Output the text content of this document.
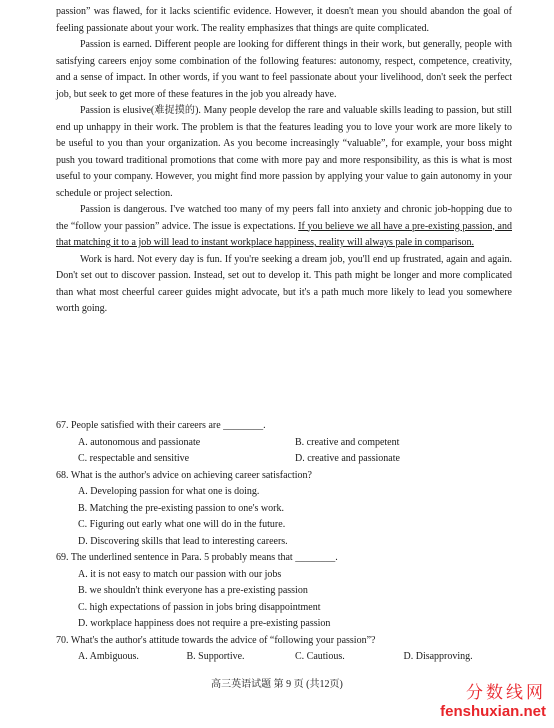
passion” was flawed, for it lacks scientific evidence. However, it doesn't mean you should abandon the goal of feeling passionate about your work. The reality emphasizes that things are quite complicated.

Passion is earned. Different people are looking for different things in their work, but generally, people with satisfying careers enjoy some combination of the following features: autonomy, respect, competence, creativity, and a sense of impact. In other words, if you want to feel passionate about your livelihood, don't seek the perfect job, but seek to get more of these features in the job you already have.

Passion is elusive(难捉摸的). Many people develop the rare and valuable skills leading to passion, but still end up unhappy in their work. The problem is that the features leading you to love your work are more likely to be useful to you than your organization. As you become increasingly “valuable”, for example, your boss might push you toward traditional promotions that come with more pay and more responsibility, as this is what is most useful to your company. However, you might find more passion by applying your value to gain autonomy in your schedule or project selection.

Passion is dangerous. I've watched too many of my peers fall into anxiety and chronic job-hopping due to the “follow your passion” advice. The issue is expectations. If you believe we all have a pre-existing passion, and that matching it to a job will lead to instant workplace happiness, reality will always pale in comparison.

Work is hard. Not every day is fun. If you're seeking a dream job, you'll end up frustrated, again and again. Don't set out to discover passion. Instead, set out to develop it. This path might be longer and more complicated than what most cheerful career guides might advocate, but it's a path much more likely to lead you somewhere worth going.

67. People satisfied with their careers are ________.

A. autonomous and passionate	B. creative and competent
C. respectable and sensitive	D. creative and passionate

68. What is the author's advice on achieving career satisfaction?

A. Developing passion for what one is doing.
B. Matching the pre-existing passion to one's work.
C. Figuring out early what one will do in the future.
D. Discovering skills that lead to interesting careers.

69. The underlined sentence in Para. 5 probably means that ________.

A. it is not easy to match our passion with our jobs
B. we shouldn't think everyone has a pre-existing passion
C. high expectations of passion in jobs bring disappointment
D. workplace happiness does not require a pre-existing passion

70. What's the author's attitude towards the advice of “following your passion”?

A. Ambiguous.	B. Supportive.	C. Cautious.	D. Disapproving.
高三英语试题 第 9 页 (共12页)	分数线网
fenshuxian.net
